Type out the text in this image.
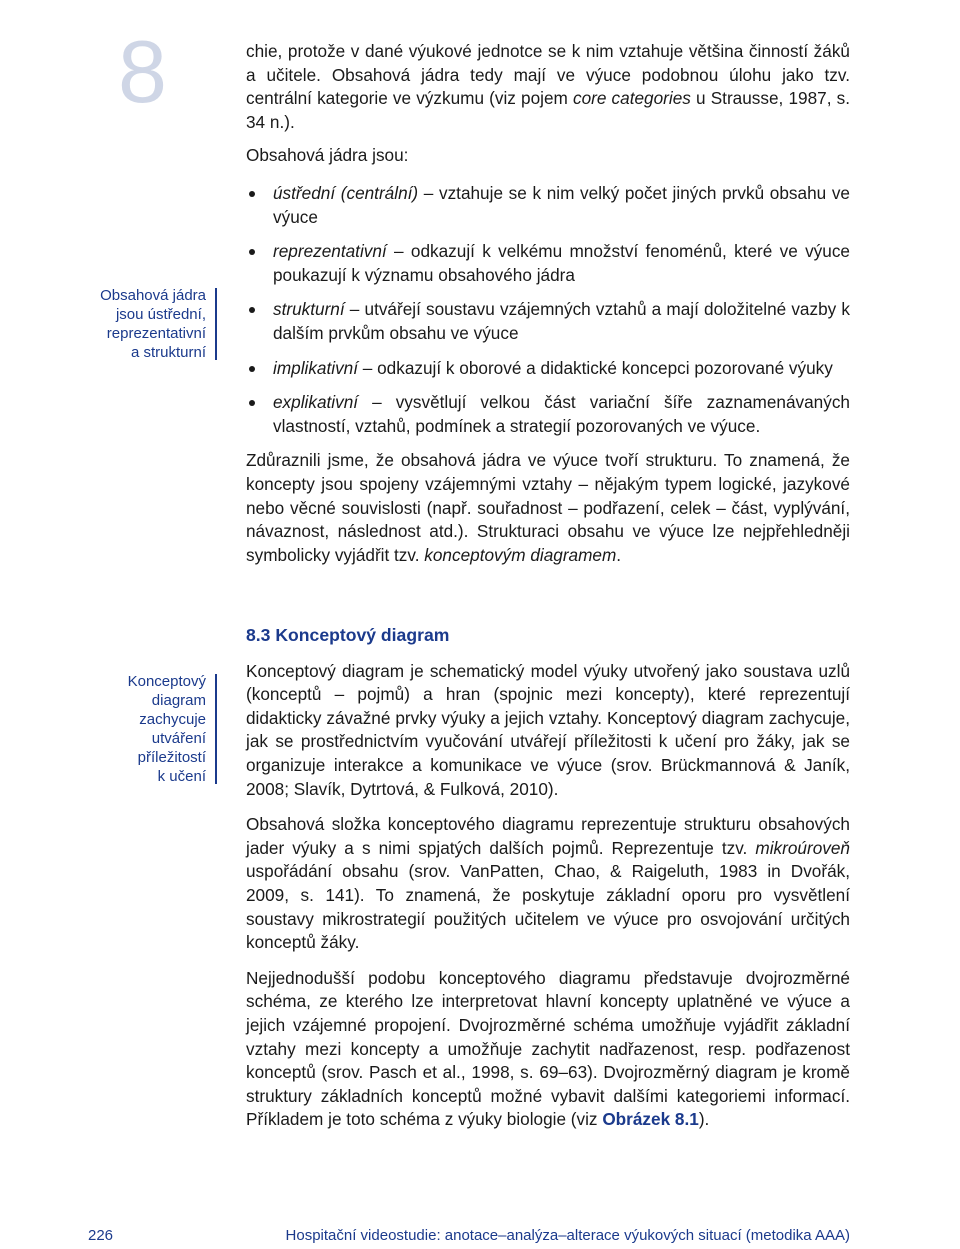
8	chie, protože v dané výukové jednotce se k nim vztahuje většina činností žáků a učitele. Obsahová jádra tedy mají ve výuce podobnou úlohu jako tzv. centrální kategorie ve výzkumu (viz pojem core categories u Strausse, 1987, s. 34 n.).

Obsahová jádra jsou:

Obsahová jádra
jsou ústřední,
reprezentativní
a strukturní
ústřední (centrální) – vztahuje se k nim velký počet jiných prvků obsahu ve výuce
reprezentativní – odkazují k velkému množství fenoménů, které ve výuce poukazují k významu obsahového jádra
strukturní – utvářejí soustavu vzájemných vztahů a mají doložitelné vazby k dalším prvkům obsahu ve výuce
implikativní – odkazují k oborové a didaktické koncepci pozorované výuky
explikativní – vysvětlují velkou část variační šíře zaznamenávaných vlastností, vztahů, podmínek a strategií pozorovaných ve výuce.

Zdůraznili jsme, že obsahová jádra ve výuce tvoří strukturu. To znamená, že koncepty jsou spojeny vzájemnými vztahy – nějakým typem logické, jazykové nebo věcné souvislosti (např. souřadnost – podřazení, celek – část, vyplývání, návaznost, následnost atd.). Strukturaci obsahu ve výuce lze nejpřehledněji symbolicky vyjádřit tzv. konceptovým diagramem.

8.3 Konceptový diagram

Konceptový diagram je schematický model výuky utvořený jako soustava uzlů (konceptů – pojmů) a hran (spojnic mezi koncepty), které reprezentují didakticky závažné prvky výuky a jejich vztahy. Konceptový diagram zachycuje, jak se prostřednictvím vyučování utvářejí příležitosti k učení pro žáky, jak se organizuje interakce a komunikace ve výuce (srov. Brückmannová & Janík, 2008; Slavík, Dytrtová, & Fulková, 2010).

Obsahová složka konceptového diagramu reprezentuje strukturu obsahových jader výuky a s nimi spjatých dalších pojmů. Reprezentuje tzv. mikroúroveň uspořádání obsahu (srov. VanPatten, Chao, & Raigeluth, 1983 in Dvořák, 2009, s. 141). To znamená, že poskytuje základní oporu pro vysvětlení soustavy mikrostrategií použitých učitelem ve výuce pro osvojování určitých konceptů žáky.

Nejjednodušší podobu konceptového diagramu představuje dvojrozměrné schéma, ze kterého lze interpretovat hlavní koncepty uplatněné ve výuce a jejich vzájemné propojení. Dvojrozměrné schéma umožňuje vyjádřit základní vztahy mezi koncepty a umožňuje zachytit nadřazenost, resp. podřazenost konceptů (srov. Pasch et al., 1998, s. 69–63). Dvojrozměrný diagram je kromě struktury základních konceptů možné vybavit dalšími kategoriemi informací. Příkladem je toto schéma z výuky biologie (viz Obrázek 8.1).

Konceptový
diagram
zachycuje
utváření
příležitostí
k učení
226	Hospitační videostudie: anotace–analýza–alterace výukových situací (metodika AAA)
